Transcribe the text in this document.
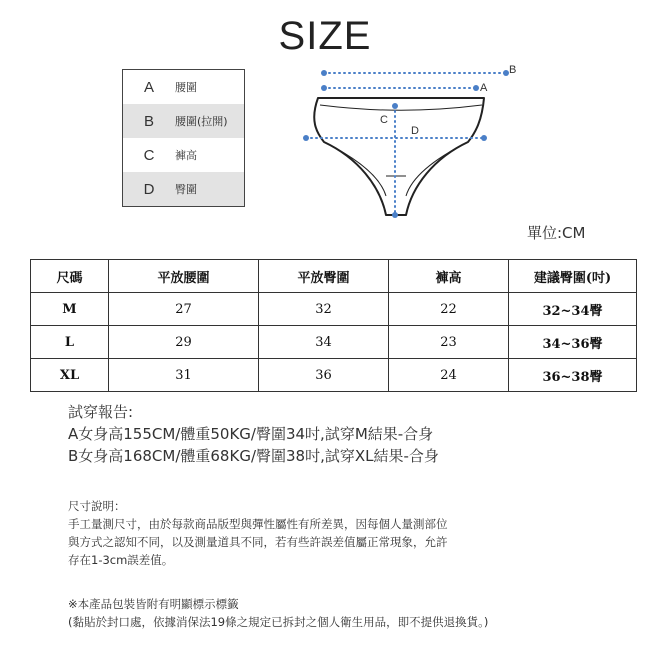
SIZE
A	腰圍
B	腰圍(拉開)
C	褲高
D	臀圍
B
A
C
D
單位:CM
尺碼	平放腰圍	平放臀圍	褲高	建議臀圍(吋)
M	27	32	22	32~34臀
L	29	34	23	34~36臀
XL	31	36	24	36~38臀
試穿報告:
A女身高155CM/體重50KG/臀圍34吋,試穿M結果-合身
B女身高168CM/體重68KG/臀圍38吋,試穿XL結果-合身
尺寸說明：
手工量測尺寸，由於每款商品版型與彈性屬性有所差異，因每個人量測部位
與方式之認知不同，以及測量道具不同，若有些許誤差值屬正常現象，允許
存在1-3cm誤差值。
※本產品包裝皆附有明顯標示標籤
(黏貼於封口處，依據消保法19條之規定已拆封之個人衛生用品，即不提供退換貨。)
